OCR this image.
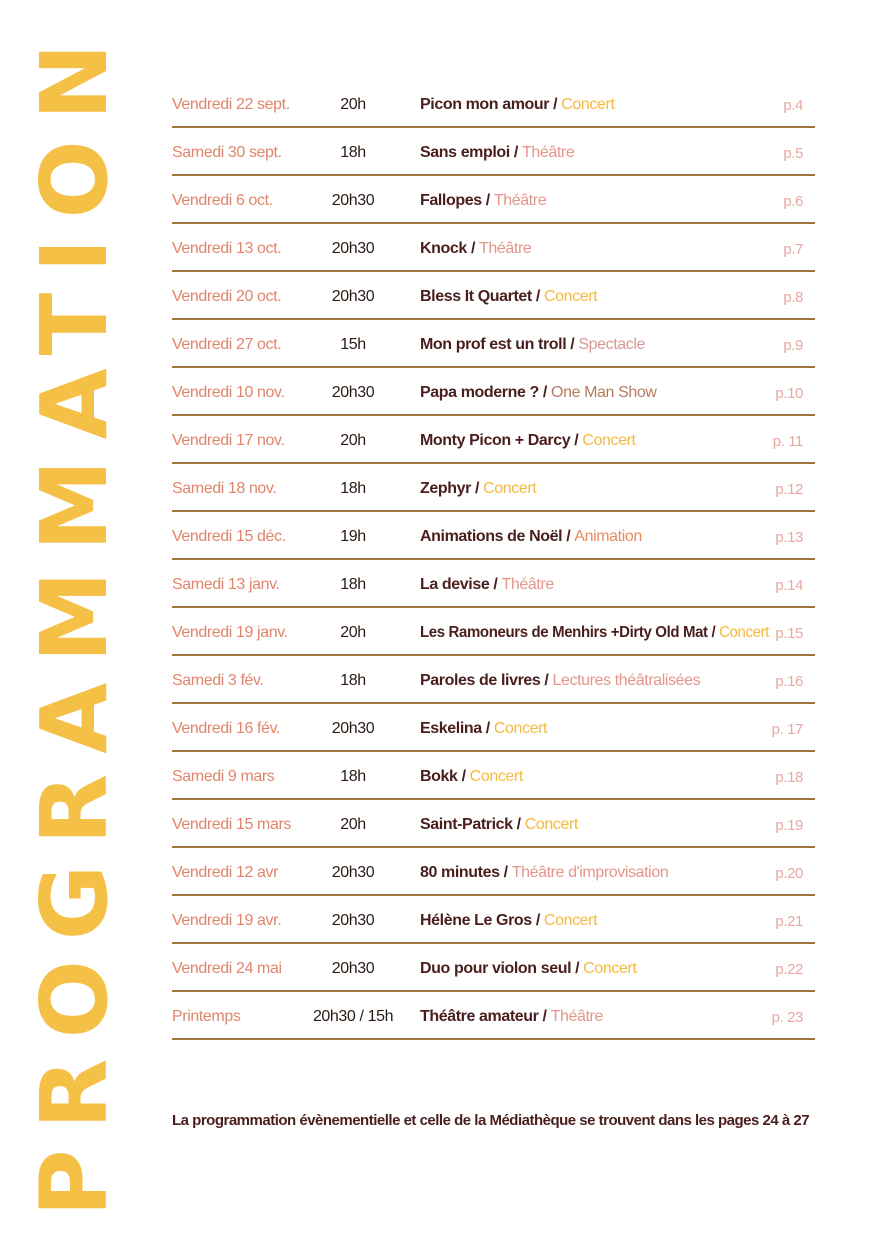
PROGRAMMATION	Vendredi 22 sept.	20h	Picon mon amour / Concert	p.4
Samedi 30 sept.	18h	Sans emploi / Théâtre	p.5
Vendredi 6 oct.	20h30	Fallopes / Théâtre	p.6
Vendredi 13 oct.	20h30	Knock / Théâtre	p.7
Vendredi 20 oct.	20h30	Bless It Quartet / Concert	p.8
Vendredi 27 oct.	15h	Mon prof est un troll / Spectacle	p.9
Vendredi 10 nov.	20h30	Papa moderne ? / One Man Show	p.10
Vendredi 17 nov.	20h	Monty Picon + Darcy / Concert	p. 11
Samedi 18 nov.	18h	Zephyr / Concert	p.12
Vendredi 15 déc.	19h	Animations de Noël / Animation	p.13
Samedi 13 janv.	18h	La devise / Théâtre	p.14
Vendredi 19 janv.	20h	Les Ramoneurs de Menhirs +Dirty Old Mat / Concert p.15
Samedi 3 fév.	18h	Paroles de livres / Lectures théâtralisées	p.16
Vendredi 16 fév.	20h30	Eskelina / Concert	p. 17
Samedi 9 mars	18h	Bokk / Concert	p.18
Vendredi 15 mars	20h	Saint-Patrick / Concert	p.19
Vendredi 12 avr	20h30	80 minutes / Théâtre d'improvisation	p.20
Vendredi 19 avr.	20h30	Hélène Le Gros / Concert	p.21
Vendredi 24 mai	20h30	Duo pour violon seul / Concert	p.22
Printemps	20h30 / 15h	Théâtre amateur / Théâtre	p. 23
La programmation évènementielle et celle de la Médiathèque se trouvent dans les pages 24 à 27
